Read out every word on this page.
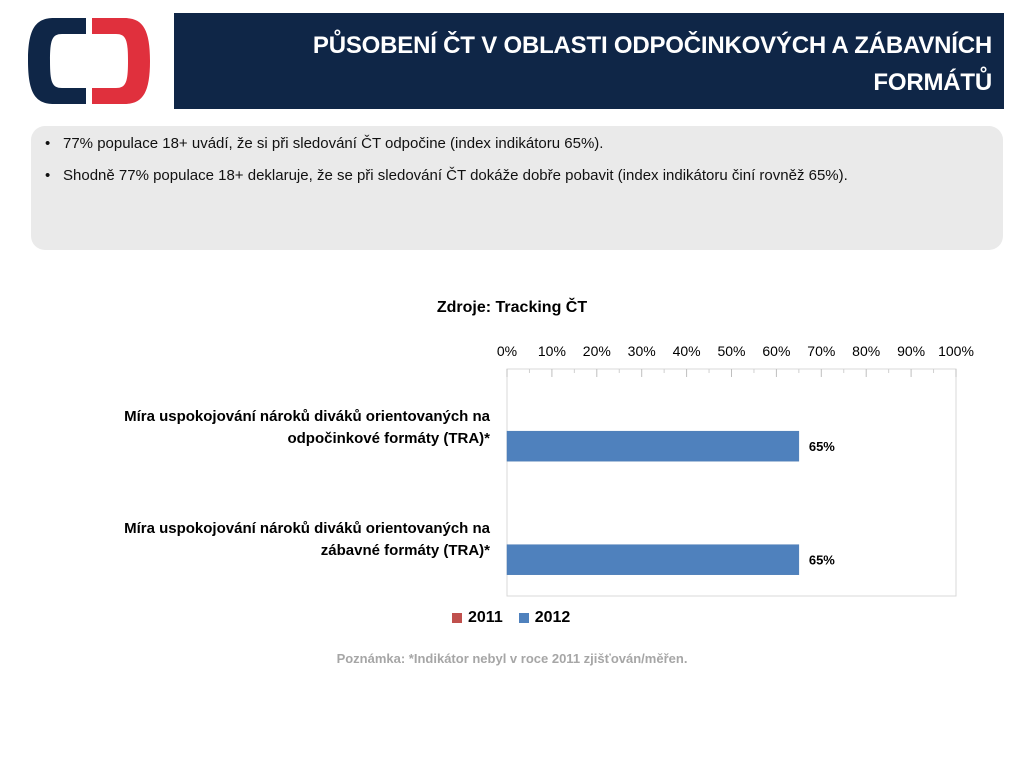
PŮSOBENÍ ČT V OBLASTI ODPOČINKOVÝCH A ZÁBAVNÍCH
FORMÁTŮ
• 77% populace 18+ uvádí, že si při sledování ČT odpočine (index indikátoru 65%).
• Shodně 77% populace 18+ deklaruje, že se při sledování ČT dokáže dobře pobavit (index indikátoru činí rovněž 65%).
Zdroje: Tracking ČT
Míra uspokojování nároků diváků orientovaných na
odpočinkové formáty (TRA)*
Míra uspokojování nároků diváků orientovaných na
zábavné formáty (TRA)*
0% 10% 20% 30% 40% 50% 60% 70% 80% 90% 100%
65%
65%
2011 2012
Poznámka: *Indikátor nebyl v roce 2011 zjišťován/měřen.
